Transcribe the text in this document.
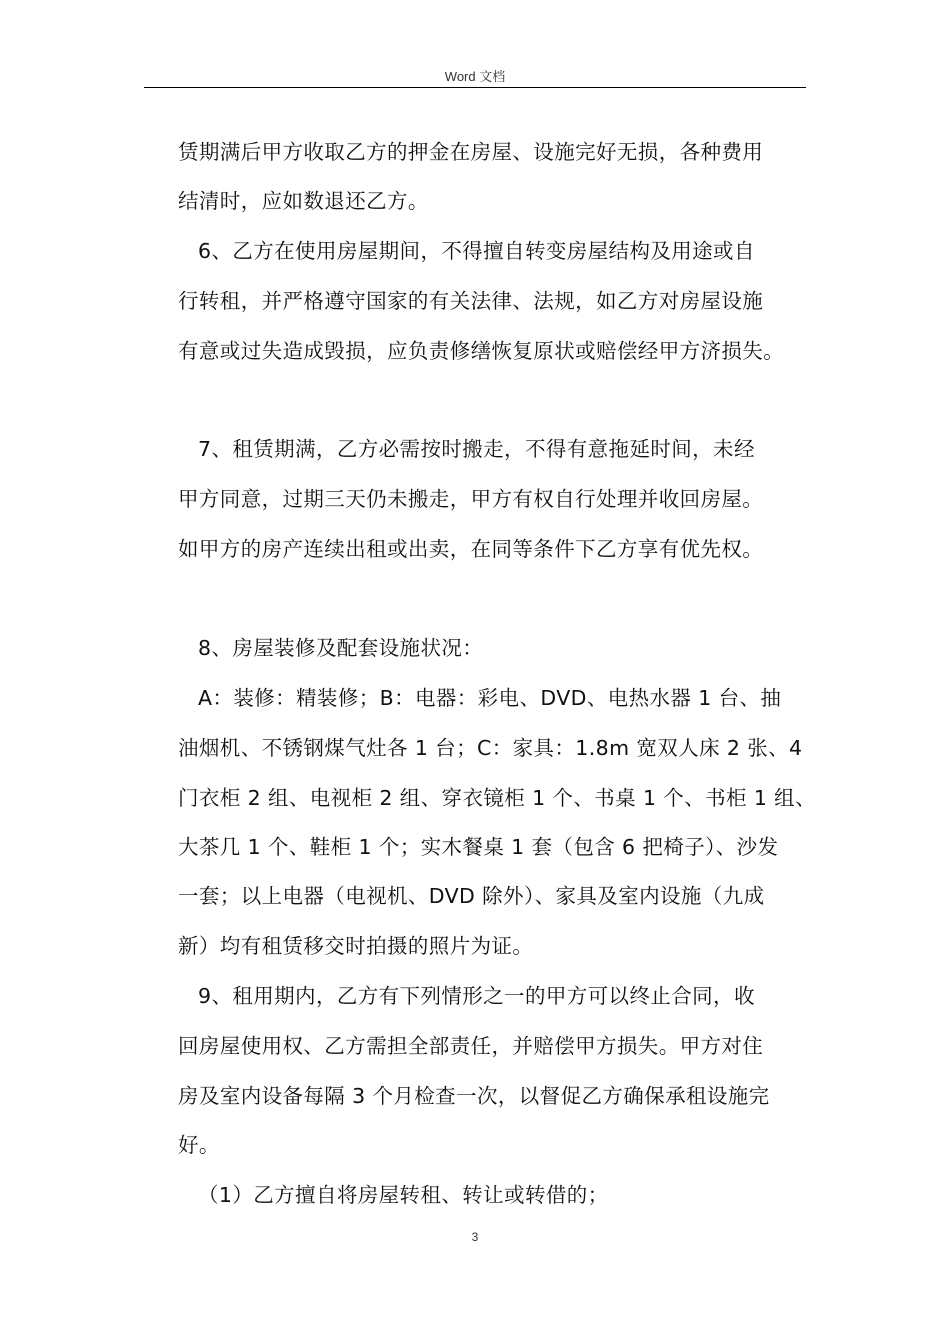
Word 文档
赁期满后甲方收取乙方的押金在房屋、设施完好无损，各种费用
结清时，应如数退还乙方。
6、乙方在使用房屋期间，不得擅自转变房屋结构及用途或自
行转租，并严格遵守国家的有关法律、法规，如乙方对房屋设施
有意或过失造成毁损，应负责修缮恢复原状或赔偿经甲方济损失。
7、租赁期满，乙方必需按时搬走，不得有意拖延时间，未经
甲方同意，过期三天仍未搬走，甲方有权自行处理并收回房屋。
如甲方的房产连续出租或出卖，在同等条件下乙方享有优先权。
8、房屋装修及配套设施状况：
A：装修：精装修；B：电器：彩电、DVD、电热水器 1 台、抽
油烟机、不锈钢煤气灶各 1 台；C：家具：1.8m 宽双人床 2 张、4
门衣柜 2 组、电视柜 2 组、穿衣镜柜 1 个、书桌 1 个、书柜 1 组、
大茶几 1 个、鞋柜 1 个；实木餐桌 1 套（包含 6 把椅子）、沙发
一套；以上电器（电视机、DVD 除外）、家具及室内设施（九成
新）均有租赁移交时拍摄的照片为证。
9、租用期内，乙方有下列情形之一的甲方可以终止合同，收
回房屋使用权、乙方需担全部责任，并赔偿甲方损失。甲方对住
房及室内设备每隔 3 个月检查一次，以督促乙方确保承租设施完
好。
（1）乙方擅自将房屋转租、转让或转借的；
3
